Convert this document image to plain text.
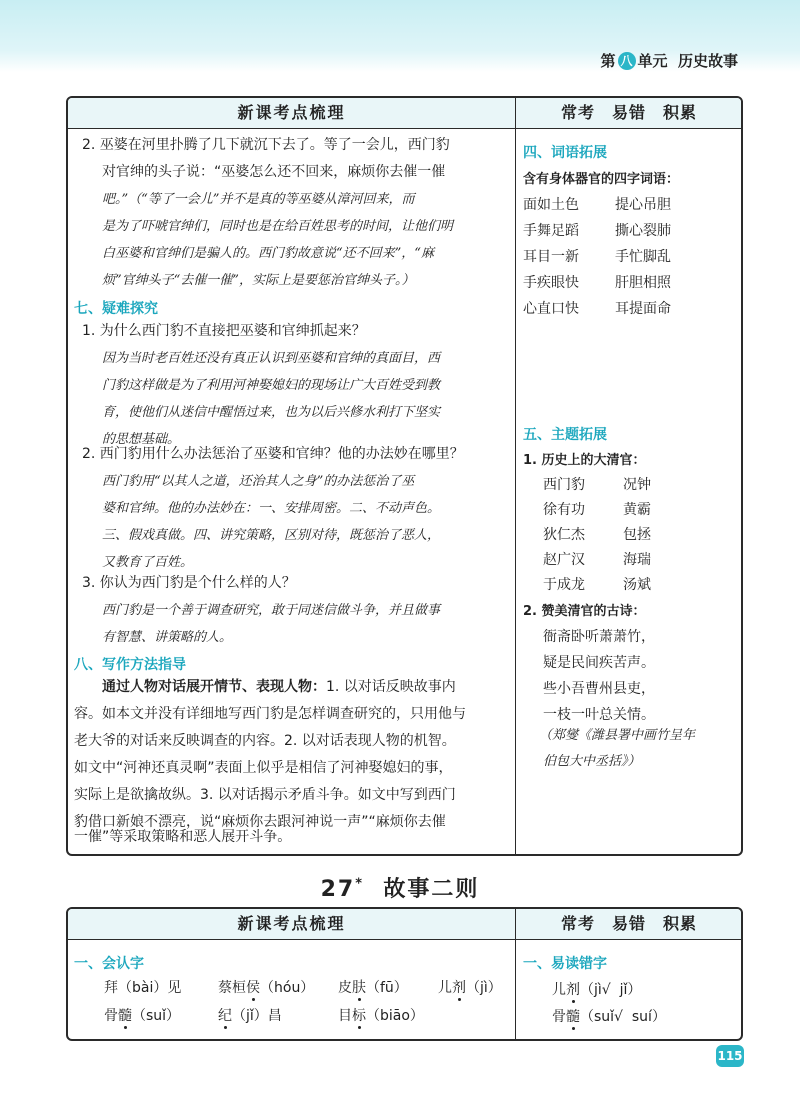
第 八 单元 历史故事
新课考点梳理	常考　易错　积累
2. 巫婆在河里扑腾了几下就沉下去了。等了一会儿，西门豹
对官绅的头子说：“巫婆怎么还不回来，麻烦你去催一催
吧。”（“等了一会儿”并不是真的等巫婆从漳河回来，而
是为了吓唬官绅们，同时也是在给百姓思考的时间，让他们明
白巫婆和官绅们是骗人的。西门豹故意说“还不回来”，“麻
烦”官绅头子“去催一催”，实际上是要惩治官绅头子。）
七、疑难探究
1. 为什么西门豹不直接把巫婆和官绅抓起来？
因为当时老百姓还没有真正认识到巫婆和官绅的真面目，西
门豹这样做是为了利用河神娶媳妇的现场让广大百姓受到教
育，使他们从迷信中醒悟过来，也为以后兴修水利打下坚实
的思想基础。
2. 西门豹用什么办法惩治了巫婆和官绅？他的办法妙在哪里？
西门豹用“以其人之道，还治其人之身”的办法惩治了巫
婆和官绅。他的办法妙在：一、安排周密。二、不动声色。
三、假戏真做。四、讲究策略，区别对待，既惩治了恶人，
又教育了百姓。
3. 你认为西门豹是个什么样的人？
西门豹是一个善于调查研究，敢于同迷信做斗争，并且做事
有智慧、讲策略的人。
八、写作方法指导
通过人物对话展开情节、表现人物：1. 以对话反映故事内
容。如本文并没有详细地写西门豹是怎样调查研究的，只用他与
老大爷的对话来反映调查的内容。2. 以对话表现人物的机智。
如文中“河神还真灵啊”表面上似乎是相信了河神娶媳妇的事，
实际上是欲擒故纵。3. 以对话揭示矛盾斗争。如文中写到西门
豹借口新娘不漂亮，说“麻烦你去跟河神说一声”“麻烦你去催
一催”等采取策略和恶人展开斗争。
四、词语拓展
含有身体器官的四字词语：
面如土色	提心吊胆
手舞足蹈	撕心裂肺
耳目一新	手忙脚乱
手疾眼快	肝胆相照
心直口快	耳提面命
五、主题拓展
1. 历史上的大清官：
西门豹	况钟
徐有功	黄霸
狄仁杰	包拯
赵广汉	海瑞
于成龙	汤斌
2. 赞美清官的古诗：
衙斋卧听萧萧竹，
疑是民间疾苦声。
些小吾曹州县吏，
一枝一叶总关情。
（郑燮《潍县署中画竹呈年
伯包大中丞括》）
27* 故事二则
新课考点梳理	常考　易错　积累
一、会认字
拜（bài）见	蔡桓侯（hóu） 皮肤（fū） 儿剂（jì）
骨髓（suǐ）	纪（jǐ）昌	目标（biāo）
一、易读错字
儿剂（jì√ jǐ）
骨髓（suǐ√ suí）
115
